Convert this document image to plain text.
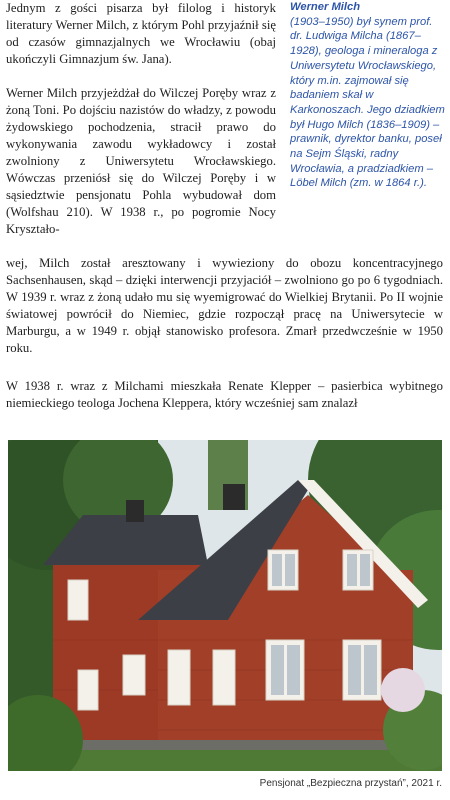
Jednym z gości pisarza był filolog i historyk literatury Werner Milch, z którym Pohl przyjaźnił się od czasów gimnazjalnych we Wrocławiu (obaj ukończyli Gimnazjum św. Jana).

Werner Milch przyjeżdżał do Wilczej Poręby wraz z żoną Toni. Po dojściu nazistów do władzy, z powodu żydowskiego pochodzenia, stracił prawo do wykonywania zawodu wykładowcy i został zwolniony z Uniwersytetu Wrocławskiego. Wówczas przeniósł się do Wilczej Poręby i w sąsiedztwie pensjonatu Pohla wybudował dom (Wolfshau 210). W 1938 r., po pogromie Nocy Kryształo-

Werner Milch
(1903–1950) był synem prof. dr. Ludwiga Milcha (1867–1928), geologa i mineraloga z Uniwersytetu Wrocławskiego, który m.in. zajmował się badaniem skał w Karkonoszach. Jego dziadkiem był Hugo Milch (1836–1909) – prawnik, dyrektor banku, poseł na Sejm Śląski, radny Wrocławia, a pradziadkiem – Löbel Milch (zm. w 1864 r.).

wej, Milch został aresztowany i wywieziony do obozu koncentracyjnego Sachsenhausen, skąd – dzięki interwencji przyjaciół – zwolniono go po 6 tygodniach. W 1939 r. wraz z żoną udało mu się wyemigrować do Wielkiej Brytanii. Po II wojnie światowej powrócił do Niemiec, gdzie rozpoczął pracę na Uniwersytecie w Marburgu, a w 1949 r. objął stanowisko profesora. Zmarł przedwcześnie w 1950 roku.

W 1938 r. wraz z Milchami mieszkała Renate Klepper – pasierbica wybitnego niemieckiego teologa Jochena Kleppera, który wcześniej sam znalazł

Pensjonat „Bezpieczna przystań”, 2021 r.
